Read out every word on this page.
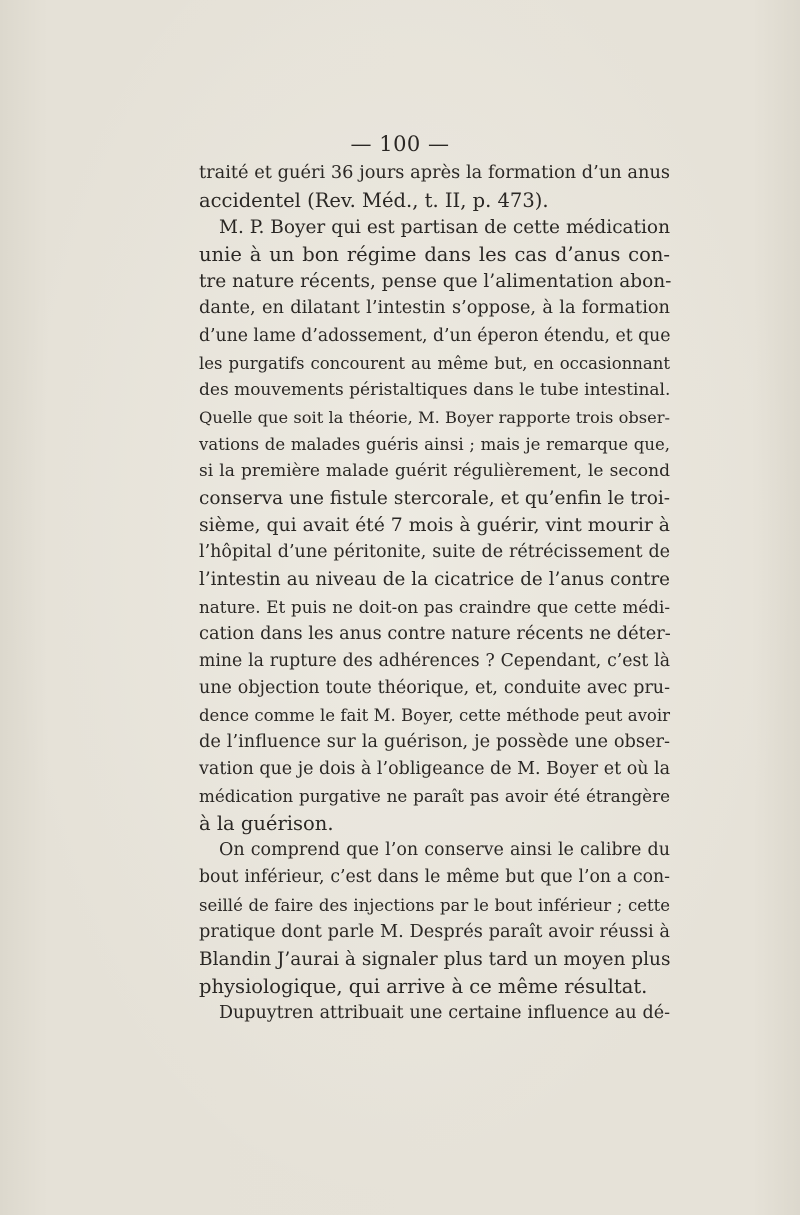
— 100 —
traité et guéri 36 jours après la formation d’un anus
accidentel (Rev. Méd., t. II, p. 473).
M. P. Boyer qui est partisan de cette médication
unie à un bon régime dans les cas d’anus con-
tre nature récents, pense que l’alimentation abon-
dante, en dilatant l’intestin s’oppose, à la formation
d’une lame d’adossement, d’un éperon étendu, et que
les purgatifs concourent au même but, en occasionnant
des mouvements péristaltiques dans le tube intestinal.
Quelle que soit la théorie, M. Boyer rapporte trois obser-
vations de malades guéris ainsi ; mais je remarque que,
si la première malade guérit régulièrement, le second
conserva une fistule stercorale, et qu’enfin le troi-
sième, qui avait été 7 mois à guérir, vint mourir à
l’hôpital d’une péritonite, suite de rétrécissement de
l’intestin au niveau de la cicatrice de l’anus contre
nature. Et puis ne doit-on pas craindre que cette médi-
cation dans les anus contre nature récents ne déter-
mine la rupture des adhérences ? Cependant, c’est là
une objection toute théorique, et, conduite avec pru-
dence comme le fait M. Boyer, cette méthode peut avoir
de l’influence sur la guérison, je possède une obser-
vation que je dois à l’obligeance de M. Boyer et où la
médication purgative ne paraît pas avoir été étrangère
à la guérison.
On comprend que l’on conserve ainsi le calibre du
bout inférieur, c’est dans le même but que l’on a con-
seillé de faire des injections par le bout inférieur ; cette
pratique dont parle M. Després paraît avoir réussi à
Blandin J’aurai à signaler plus tard un moyen plus
physiologique, qui arrive à ce même résultat.
Dupuytren attribuait une certaine influence au dé-
